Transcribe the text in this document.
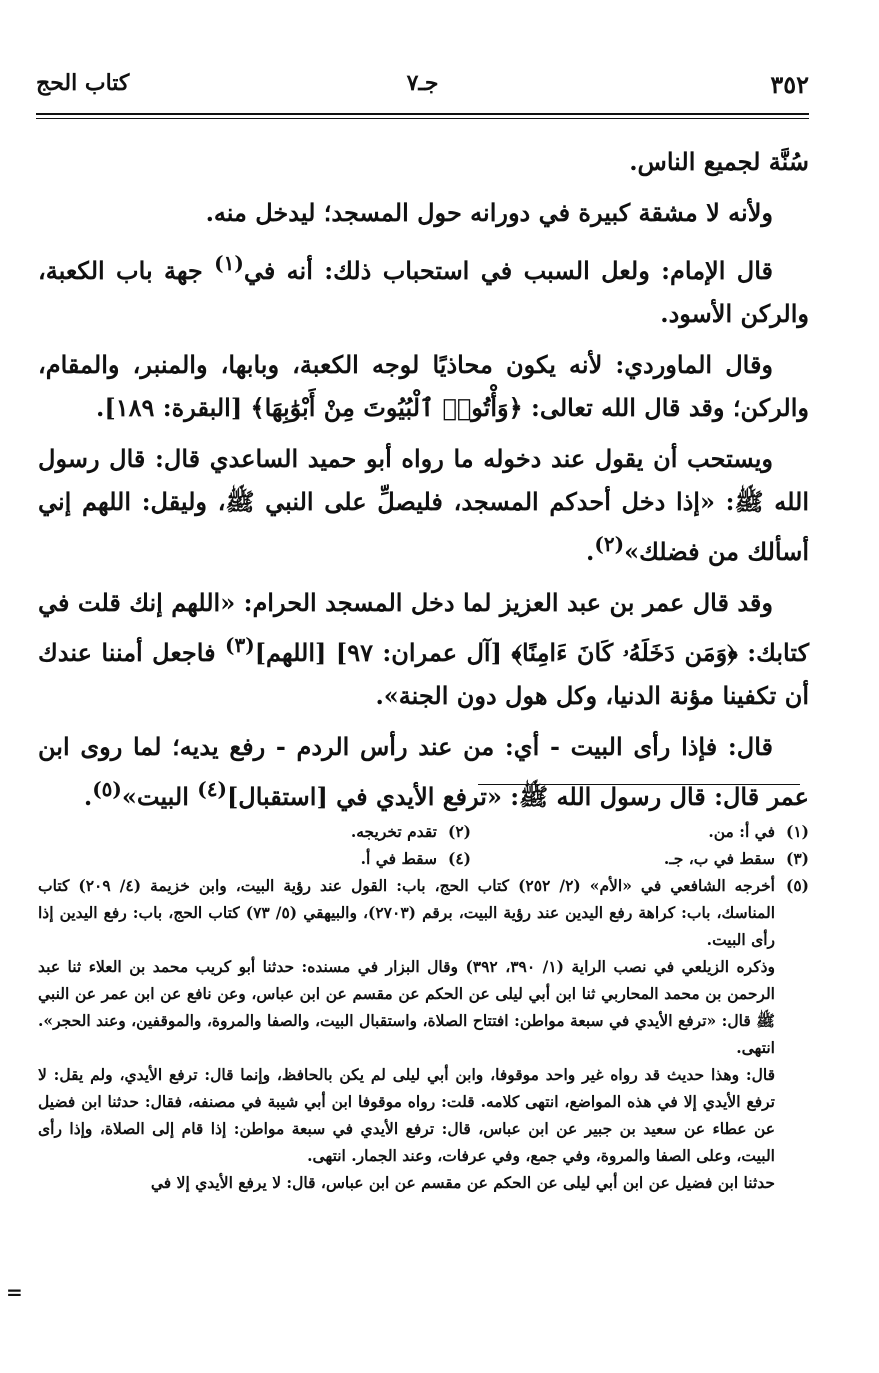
٣٥٢
جـ٧
كتاب الحج

سُنَّة لجميع الناس.

ولأنه لا مشقة كبيرة في دورانه حول المسجد؛ ليدخل منه.

قال الإمام: ولعل السبب في استحباب ذلك: أنه في$^{(١)}$ جهة باب الكعبة، والركن الأسود.

وقال الماوردي: لأنه يكون محاذيًا لوجه الكعبة، وبابها، والمنبر، والمقام، والركن؛ وقد قال الله تعالى: ﴿وَأْتُوا۟ ٱلْبُيُوتَ مِنْ أَبْوَٰبِهَا﴾ [البقرة: ١٨٩].

ويستحب أن يقول عند دخوله ما رواه أبو حميد الساعدي قال: قال رسول الله ﷺ: «إذا دخل أحدكم المسجد، فليصلِّ على النبي ﷺ، وليقل: اللهم إني أسألك من فضلك»$^{(٢)}$.

وقد قال عمر بن عبد العزيز لما دخل المسجد الحرام: «اللهم إنك قلت في كتابك: ﴿وَمَن دَخَلَهُۥ كَانَ ءَامِنًا﴾ [آل عمران: ٩٧] [اللهم]$^{(٣)}$ فاجعل أمننا عندك أن تكفينا مؤنة الدنيا، وكل هول دون الجنة».

قال: فإذا رأى البيت - أي: من عند رأس الردم - رفع يديه؛ لما روى ابن عمر قال: قال رسول الله ﷺ: «ترفع الأيدي في [استقبال]$^{(٤)}$ البيت»$^{(٥)}$.

(١)في أ: من.
(٢)تقدم تخريجه.
(٣)سقط في ب، جـ.
(٤)سقط في أ.
(٥)

أخرجه الشافعي في «الأم» (٢/ ٢٥٢) كتاب الحج، باب: القول عند رؤية البيت، وابن خزيمة (٤/ ٢٠٩) كتاب المناسك، باب: كراهة رفع اليدين عند رؤية البيت، برقم (٢٧٠٣)، والبيهقي (٥/ ٧٣) كتاب الحج، باب: رفع اليدين إذا رأى البيت.

وذكره الزيلعي في نصب الراية (١/ ٣٩٠، ٣٩٢) وقال البزار في مسنده: حدثنا أبو كريب محمد بن العلاء ثنا عبد الرحمن بن محمد المحاربي ثنا ابن أبي ليلى عن الحكم عن مقسم عن ابن عباس، وعن نافع عن ابن عمر عن النبي ﷺ قال: «ترفع الأيدي في سبعة مواطن: افتتاح الصلاة، واستقبال البيت، والصفا والمروة، والموقفين، وعند الحجر». انتهى.

قال: وهذا حديث قد رواه غير واحد موقوفا، وابن أبي ليلى لم يكن بالحافظ، وإنما قال: ترفع الأيدي، ولم يقل: لا ترفع الأيدي إلا في هذه المواضع، انتهى كلامه. قلت: رواه موقوفا ابن أبي شيبة في مصنفه، فقال: حدثنا ابن فضيل عن عطاء عن سعيد بن جبير عن ابن عباس، قال: ترفع الأيدي في سبعة مواطن: إذا قام إلى الصلاة، وإذا رأى البيت، وعلى الصفا والمروة، وفي جمع، وفي عرفات، وعند الجمار. انتهى.

حدثنا ابن فضيل عن ابن أبي ليلى عن الحكم عن مقسم عن ابن عباس، قال: لا يرفع الأيدي إلا في

=
